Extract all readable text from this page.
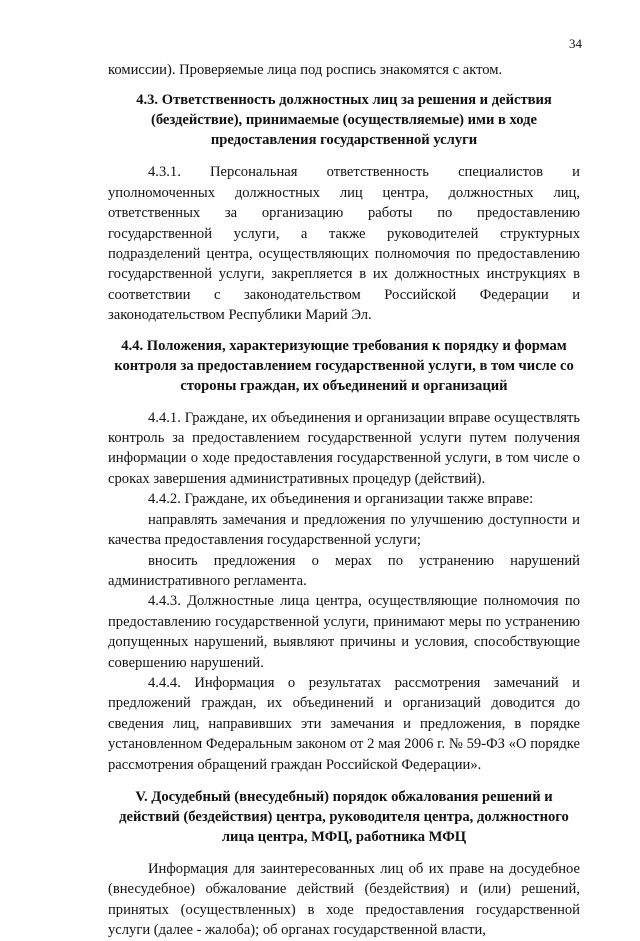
34

комиссии). Проверяемые лица под роспись знакомятся с актом.

4.3. Ответственность должностных лиц за решения и действия (бездействие), принимаемые (осуществляемые) ими в ходе предоставления государственной услуги

4.3.1. Персональная ответственность специалистов и уполномоченных должностных лиц центра, должностных лиц, ответственных за организацию работы по предоставлению государственной услуги, а также руководителей структурных подразделений центра, осуществляющих полномочия по предоставлению государственной услуги, закрепляется в их должностных инструкциях в соответствии с законодательством Российской Федерации и законодательством Республики Марий Эл.

4.4. Положения, характеризующие требования к порядку и формам контроля за предоставлением государственной услуги, в том числе со стороны граждан, их объединений и организаций

4.4.1. Граждане, их объединения и организации вправе осуществлять контроль за предоставлением государственной услуги путем получения информации о ходе предоставления государственной услуги, в том числе о сроках завершения административных процедур (действий).

4.4.2. Граждане, их объединения и организации также вправе:

направлять замечания и предложения по улучшению доступности и качества предоставления государственной услуги;

вносить предложения о мерах по устранению нарушений административного регламента.

4.4.3. Должностные лица центра, осуществляющие полномочия по предоставлению государственной услуги, принимают меры по устранению допущенных нарушений, выявляют причины и условия, способствующие совершению нарушений.

4.4.4. Информация о результатах рассмотрения замечаний и предложений граждан, их объединений и организаций доводится до сведения лиц, направивших эти замечания и предложения, в порядке установленном Федеральным законом от 2 мая 2006 г. № 59-ФЗ «О порядке рассмотрения обращений граждан Российской Федерации».

V. Досудебный (внесудебный) порядок обжалования решений и действий (бездействия) центра, руководителя центра, должностного лица центра, МФЦ, работника МФЦ

Информация для заинтересованных лиц об их праве на досудебное (внесудебное) обжалование действий (бездействия) и (или) решений, принятых (осуществленных) в ходе предоставления государственной услуги (далее - жалоба); об органах государственной власти,
